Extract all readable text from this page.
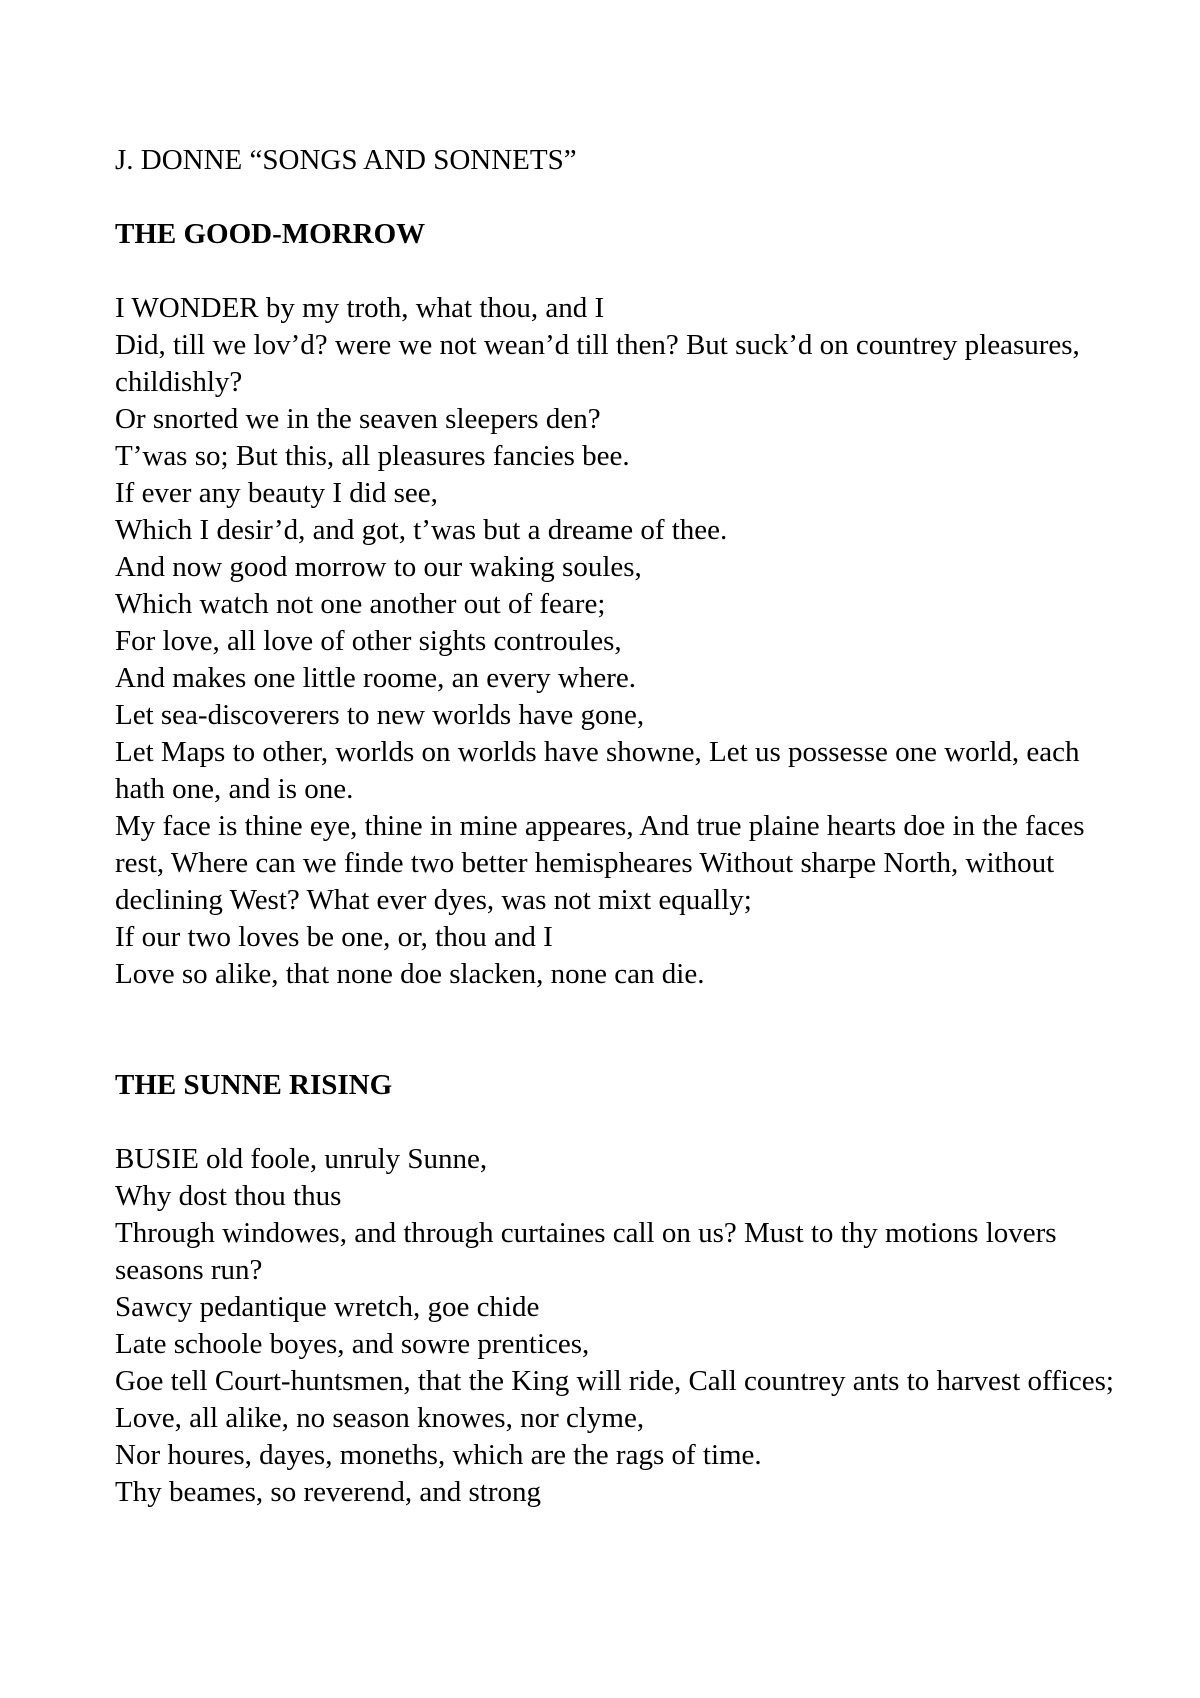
J. DONNE “SONGS AND SONNETS”

THE GOOD-MORROW

I WONDER by my troth, what thou, and I

Did, till we lov’d? were we not wean’d till then? But suck’d on countrey pleasures, childishly?

Or snorted we in the seaven sleepers den?

T’was so; But this, all pleasures fancies bee.

If ever any beauty I did see,

Which I desir’d, and got, t’was but a dreame of thee.

And now good morrow to our waking soules,

Which watch not one another out of feare;

For love, all love of other sights controules,

And makes one little roome, an every where.

Let sea-discoverers to new worlds have gone,

Let Maps to other, worlds on worlds have showne, Let us possesse one world, each hath one, and is one.

My face is thine eye, thine in mine appeares, And true plaine hearts doe in the faces rest, Where can we finde two better hemispheares Without sharpe North, without declining West? What ever dyes, was not mixt equally;

If our two loves be one, or, thou and I

Love so alike, that none doe slacken, none can die.

THE SUNNE RISING

BUSIE old foole, unruly Sunne,

Why dost thou thus

Through windowes, and through curtaines call on us? Must to thy motions lovers seasons run?

Sawcy pedantique wretch, goe chide

Late schoole boyes, and sowre prentices,

Goe tell Court-huntsmen, that the King will ride, Call countrey ants to harvest offices;

Love, all alike, no season knowes, nor clyme,

Nor houres, dayes, moneths, which are the rags of time.

Thy beames, so reverend, and strong
